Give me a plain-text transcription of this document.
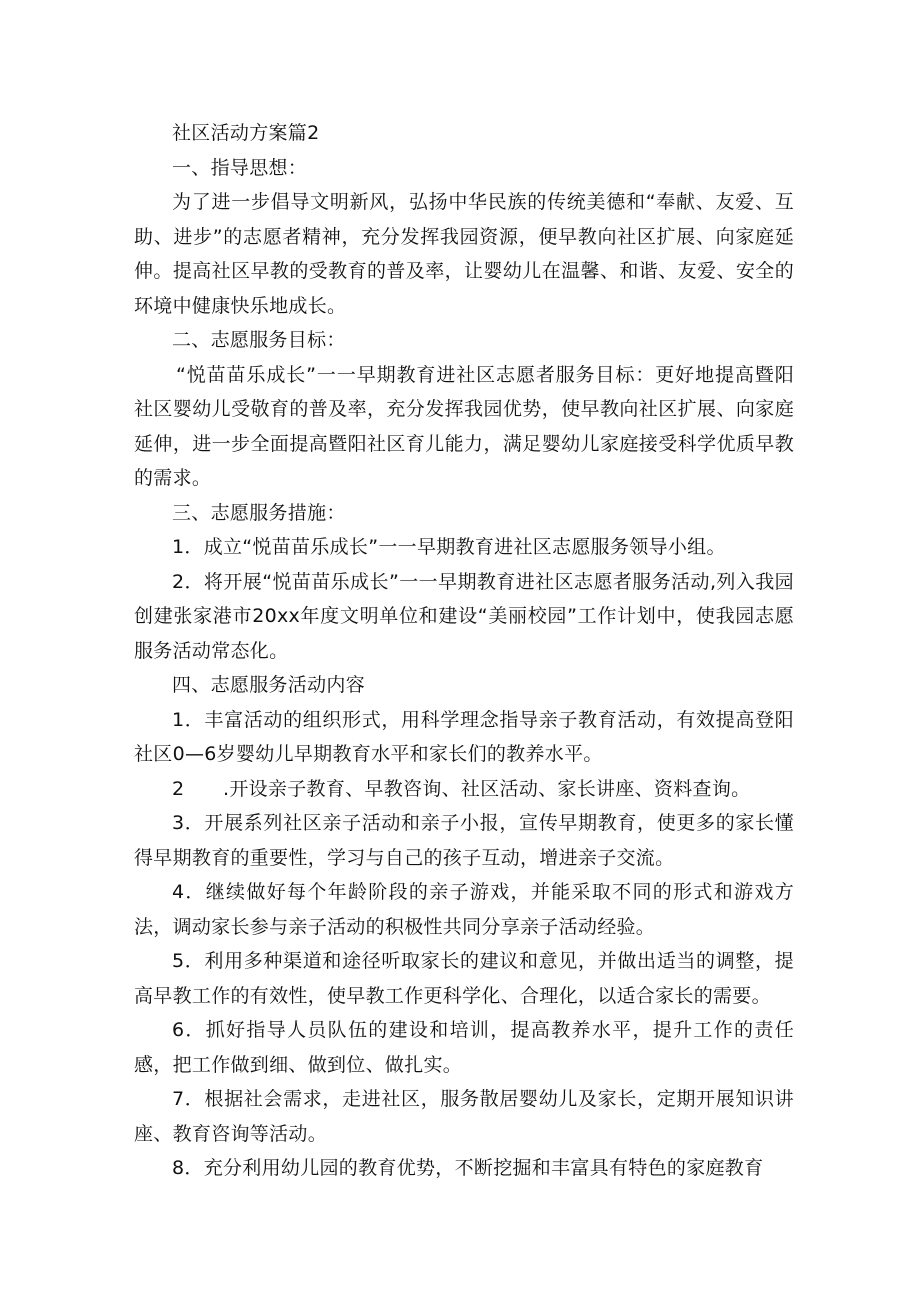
社区活动方案篇2

一、指导思想：

为了进一步倡导文明新风，弘扬中华民族的传统美德和“奉献、友爱、互助、进步”的志愿者精神，充分发挥我园资源，便早教向社区扩展、向家庭延伸。提高社区早教的受教育的普及率，让婴幼儿在温馨、和谐、友爱、安全的环境中健康快乐地成长。

二、志愿服务目标：

“悦苗苗乐成长”一一早期教育进社区志愿者服务目标：更好地提高暨阳社区婴幼儿受敬育的普及率，充分发挥我园优势，使早教向社区扩展、向家庭延伸，进一步全面提高暨阳社区育儿能力，满足婴幼儿家庭接受科学优质早教的需求。

三、志愿服务措施：

1．成立“悦苗苗乐成长”一一早期教育进社区志愿服务领导小组。

2．将开展“悦苗苗乐成长”一一早期教育进社区志愿者服务活动,列入我园创建张家港市20xx年度文明单位和建设“美丽校园”工作计划中，使我园志愿服务活动常态化。

四、志愿服务活动内容

1．丰富活动的组织形式，用科学理念指导亲子教育活动，有效提高登阳社区0—6岁婴幼儿早期教育水平和家长们的教养水平。

2　　.开设亲子教育、早教咨询、社区活动、家长讲座、资料查询。

3．开展系列社区亲子活动和亲子小报，宣传早期教育，使更多的家长懂得早期教育的重要性，学习与自己的孩子互动，增进亲子交流。

4．继续做好每个年龄阶段的亲子游戏，并能采取不同的形式和游戏方法，调动家长参与亲子活动的积极性共同分享亲子活动经验。

5．利用多种渠道和途径听取家长的建议和意见，并做出适当的调整，提高早教工作的有效性，使早教工作更科学化、合理化，以适合家长的需要。

6．抓好指导人员队伍的建设和培训，提高教养水平，提升工作的责任感，把工作做到细、做到位、做扎实。

7．根据社会需求，走进社区，服务散居婴幼儿及家长，定期开展知识讲座、教育咨询等活动。

8．充分利用幼儿园的教育优势，不断挖掘和丰富具有特色的家庭教育
